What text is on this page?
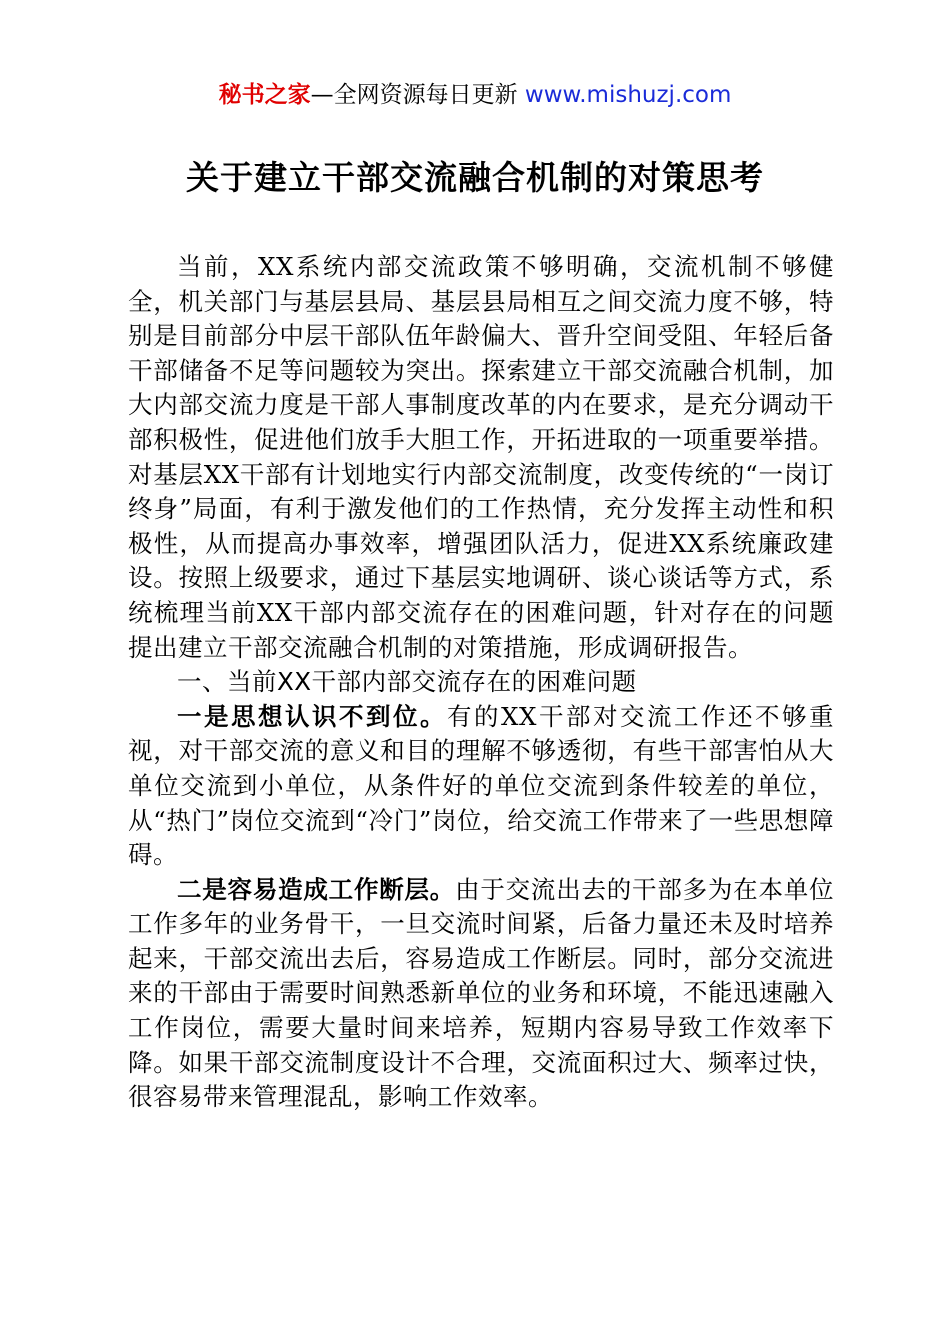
秘书之家—全网资源每日更新 www.mishuzj.com
关于建立干部交流融合机制的对策思考

当前，XX系统内部交流政策不够明确，交流机制不够健全，机关部门与基层县局、基层县局相互之间交流力度不够，特别是目前部分中层干部队伍年龄偏大、晋升空间受阻、年轻后备干部储备不足等问题较为突出。探索建立干部交流融合机制，加大内部交流力度是干部人事制度改革的内在要求，是充分调动干部积极性，促进他们放手大胆工作，开拓进取的一项重要举措。对基层XX干部有计划地实行内部交流制度，改变传统的“一岗订终身”局面，有利于激发他们的工作热情，充分发挥主动性和积极性，从而提高办事效率，增强团队活力，促进XX系统廉政建设。按照上级要求，通过下基层实地调研、谈心谈话等方式，系统梳理当前XX干部内部交流存在的困难问题，针对存在的问题提出建立干部交流融合机制的对策措施，形成调研报告。

一、当前XX干部内部交流存在的困难问题

一是思想认识不到位。有的XX干部对交流工作还不够重视，对干部交流的意义和目的理解不够透彻，有些干部害怕从大单位交流到小单位，从条件好的单位交流到条件较差的单位，从“热门”岗位交流到“冷门”岗位，给交流工作带来了一些思想障碍。

二是容易造成工作断层。由于交流出去的干部多为在本单位工作多年的业务骨干，一旦交流时间紧，后备力量还未及时培养起来，干部交流出去后，容易造成工作断层。同时，部分交流进来的干部由于需要时间熟悉新单位的业务和环境，不能迅速融入工作岗位，需要大量时间来培养，短期内容易导致工作效率下降。如果干部交流制度设计不合理，交流面积过大、频率过快，很容易带来管理混乱，影响工作效率。
